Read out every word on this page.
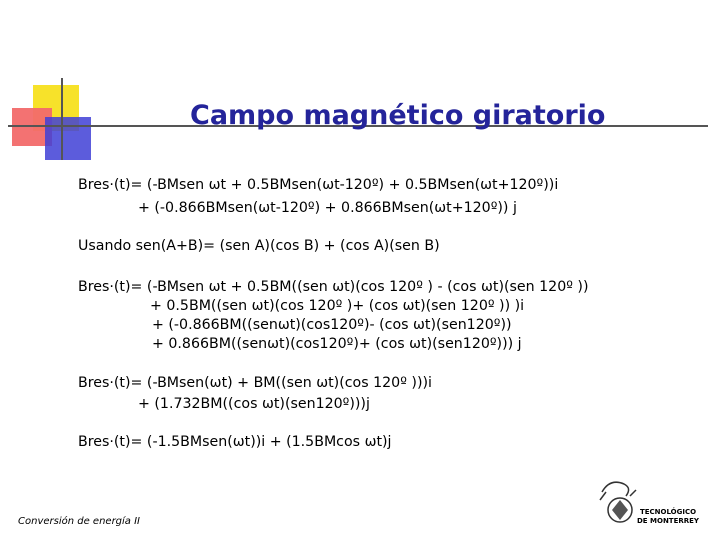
Campo magnético giratorio
Bres·(t)= (-BMsen ωt + 0.5BMsen(ωt-120º) + 0.5BMsen(ωt+120º))i
+ (-0.866BMsen(ωt-120º) + 0.866BMsen(ωt+120º)) j
Usando sen(A+B)= (sen A)(cos B) + (cos A)(sen B)
Bres·(t)= (-BMsen ωt + 0.5BM((sen ωt)(cos 120º ) - (cos ωt)(sen 120º ))
+ 0.5BM((sen ωt)(cos 120º )+ (cos ωt)(sen 120º )) )i
+ (-0.866BM((senωt)(cos120º)- (cos ωt)(sen120º))
+ 0.866BM((senωt)(cos120º)+ (cos ωt)(sen120º))) j
Bres·(t)= (-BMsen(ωt) + BM((sen ωt)(cos 120º )))i
+ (1.732BM((cos ωt)(sen120º)))j
Bres·(t)= (-1.5BMsen(ωt))i + (1.5BMcos ωt)j
Conversión de energía II
TECNOLÓGICO
DE MONTERREY
